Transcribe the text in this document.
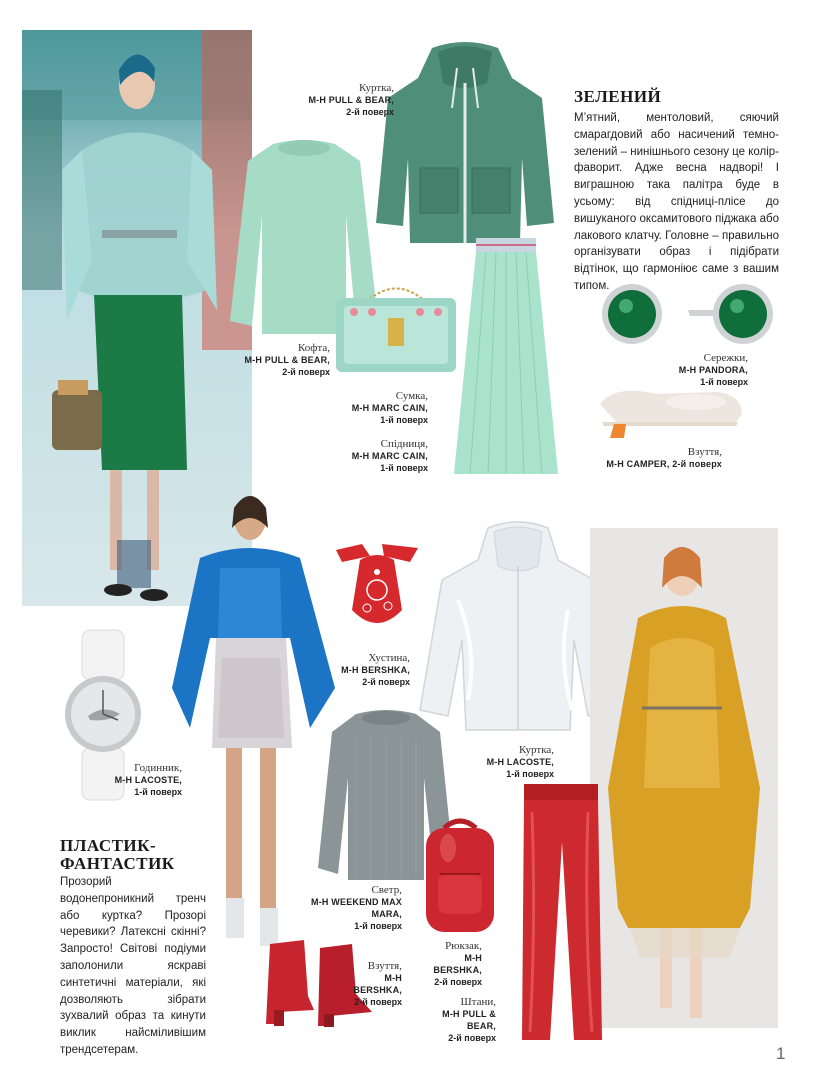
Куртка,
М-Н PULL & BEAR,
2-й поверх
Кофта,
М-Н PULL & BEAR,
2-й поверх
Сумка,
М-Н MARC CAIN,
1-й поверх
Спідниця,
М-Н MARC CAIN,
1-й поверх
ЗЕЛЕНИЙ
М’ятний, ментоловий, сяючий смарагдовий або насичений темно-зелений – нинішнього сезону це колір-фаворит. Адже весна надворі! І виграшною така палітра буде в усьому: від спідниці-плісе до вишуканого оксамитового піджака або лакового клатчу. Головне – правильно організувати образ і підібрати відтінок, що гармоніює саме з вашим типом.
Сережки,
М-Н PANDORA,
1-й поверх
Взуття,
М-Н CAMPER, 2-й поверх
Годинник,
М-Н LACOSTE,
1-й поверх
Хустина,
М-Н BERSHKA,
2-й поверх
Куртка,
М-Н LACOSTE,
1-й поверх
Светр,
М-Н WEEKEND MAX MARA,
1-й поверх
Рюкзак,
М-Н BERSHKA,
2-й поверх
Взуття,
М-Н BERSHKA,
2-й поверх	Штани,
М-Н PULL & BEAR,
2-й поверх
ПЛАСТИК-
ФАНТАСТИК
Прозорий водонепроникний тренч або куртка? Прозорі черевики? Латексні скінні? Запросто! Світові подіуми заполонили яскраві синтетичні матеріали, які дозволяють зібрати зухвалий образ та кинути виклик найсміливішим трендсетерам.	1
